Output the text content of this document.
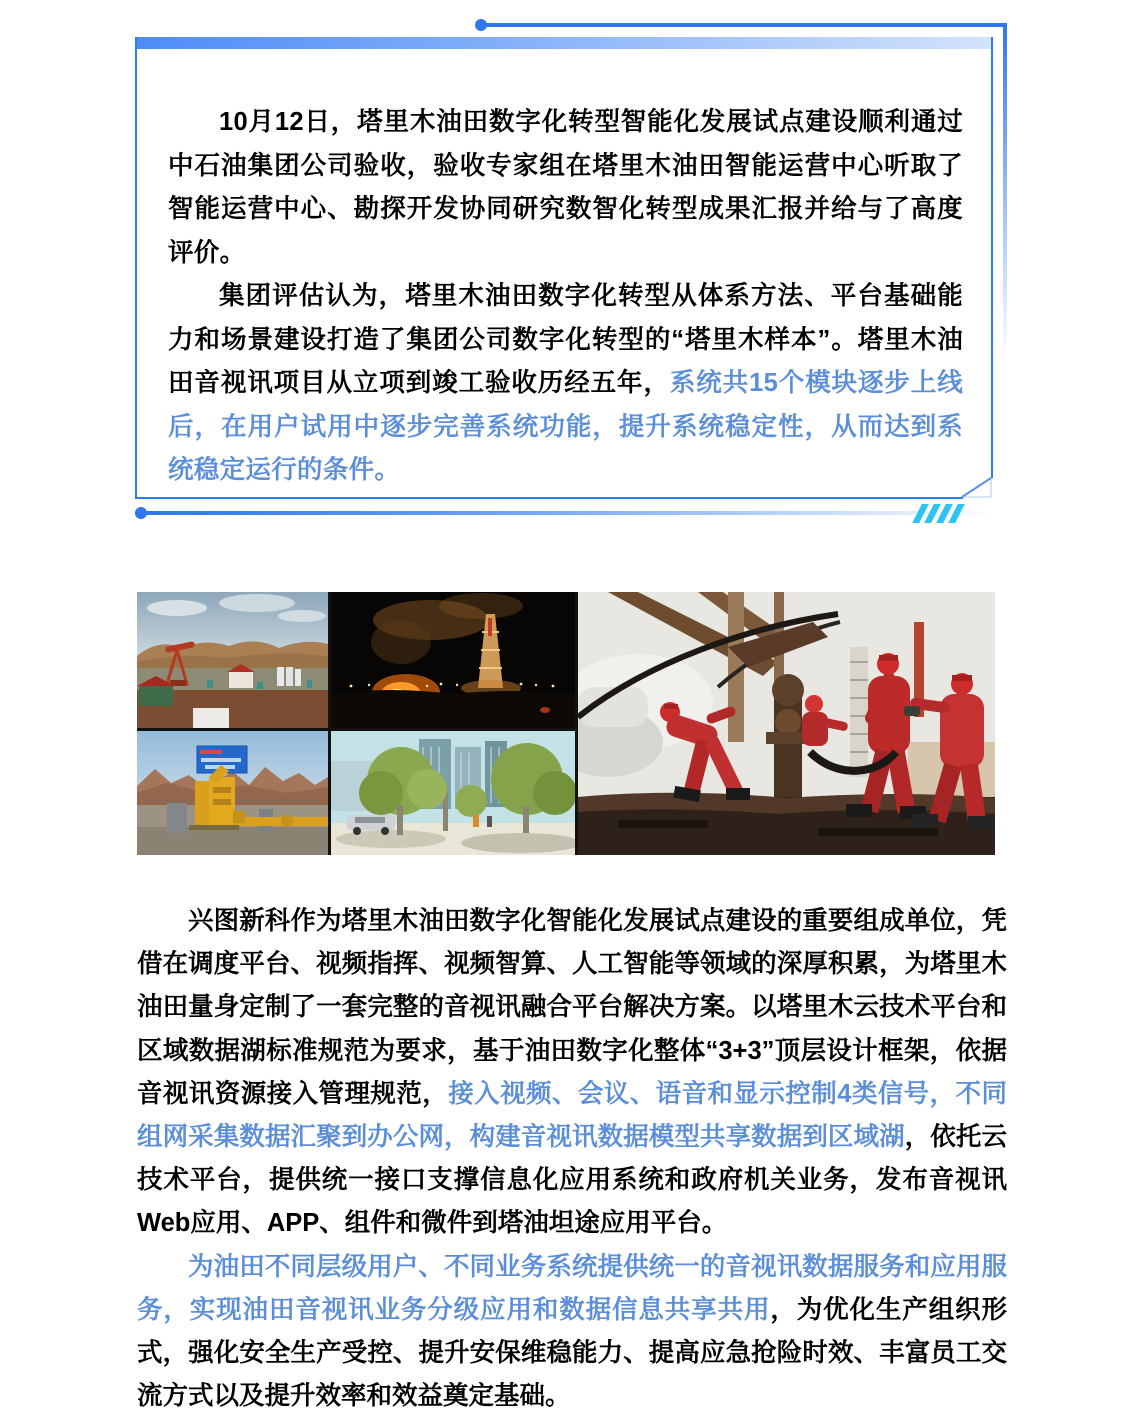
10月12日，塔里木油田数字化转型智能化发展试点建设顺利通过中石油集团公司验收，验收专家组在塔里木油田智能运营中心听取了智能运营中心、勘探开发协同研究数智化转型成果汇报并给与了高度评价。

集团评估认为，塔里木油田数字化转型从体系方法、平台基础能力和场景建设打造了集团公司数字化转型的“塔里木样本”。塔里木油田音视讯项目从立项到竣工验收历经五年，系统共15个模块逐步上线后，在用户试用中逐步完善系统功能，提升系统稳定性，从而达到系统稳定运行的条件。

兴图新科作为塔里木油田数字化智能化发展试点建设的重要组成单位，凭借在调度平台、视频指挥、视频智算、人工智能等领域的深厚积累，为塔里木油田量身定制了一套完整的音视讯融合平台解决方案。以塔里木云技术平台和区域数据湖标准规范为要求，基于油田数字化整体“3+3”顶层设计框架，依据音视讯资源接入管理规范，接入视频、会议、语音和显示控制4类信号，不同组网采集数据汇聚到办公网，构建音视讯数据模型共享数据到区域湖，依托云技术平台，提供统一接口支撑信息化应用系统和政府机关业务，发布音视讯Web应用、APP、组件和微件到塔油坦途应用平台。

为油田不同层级用户、不同业务系统提供统一的音视讯数据服务和应用服务，实现油田音视讯业务分级应用和数据信息共享共用，为优化生产组织形式，强化安全生产受控、提升安保维稳能力、提高应急抢险时效、丰富员工交流方式以及提升效率和效益奠定基础。
